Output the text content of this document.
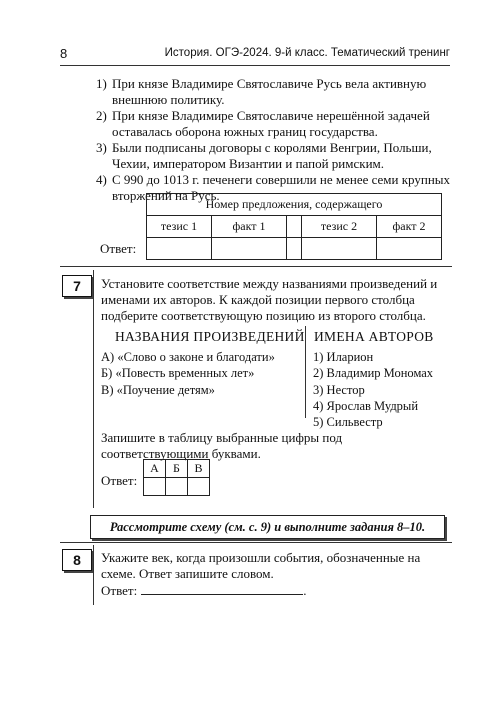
8	История. ОГЭ-2024. 9-й класс. Тематический тренинг
1) При князе Владимире Святославиче Русь вела активную внешнюю политику.
2) При князе Владимире Святославиче нерешённой задачей оставалась оборона южных границ государства.
3) Были подписаны договоры с королями Венгрии, Польши, Чехии, императором Византии и папой римским.
4) С 990 до 1013 г. печенеги совершили не менее семи крупных вторжений на Русь.
	Номер предложения, содержащего				
	тезис 1	факт 1		тезис 2	факт 2
Ответ:					
7	Установите соответствие между названиями произведений и именами их авторов. К каждой позиции первого столбца подберите соответствующую позицию из второго столбца.
НАЗВАНИЯ ПРОИЗВЕДЕНИЙ ИМЕНА АВТОРОВ
А) «Слово о законе и благодати»
Б) «Повесть временных лет»
В) «Поучение детям»
1) Иларион
2) Владимир Мономах
3) Нестор
4) Ярослав Мудрый
5) Сильвестр
Запишите в таблицу выбранные цифры под соответствующими буквами.
Ответ:
А	Б	В

Рассмотрите схему (см. с. 9) и выполните задания 8–10.
8	Укажите век, когда произошли события, обозначенные на схеме. Ответ запишите словом.
Ответ:	.
